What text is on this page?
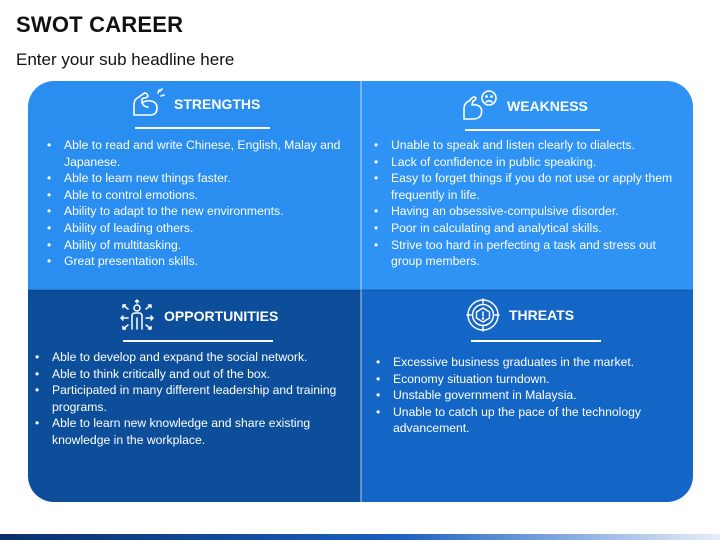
SWOT CAREER
Enter your sub headline here
STRENGTHS
• Able to read and write Chinese, English, Malay and Japanese.
• Able to learn new things faster.
• Able to control emotions.
• Ability to adapt to the new environments.
• Ability of leading others.
• Ability of multitasking.
• Great presentation skills.
WEAKNESS
• Unable to speak and listen clearly to dialects.
• Lack of confidence in public speaking.
• Easy to forget things if you do not use or apply them frequently in life.
• Having an obsessive-compulsive disorder.
• Poor in calculating and analytical skills.
• Strive too hard in perfecting a task and stress out group members.
OPPORTUNITIES
• Able to develop and expand the social network.
• Able to think critically and out of the box.
• Participated in many different leadership and training programs.
• Able to learn new knowledge and share existing knowledge in the workplace.
THREATS
• Excessive business graduates in the market.
• Economy situation turndown.
• Unstable government in Malaysia.
• Unable to catch up the pace of the technology advancement.
